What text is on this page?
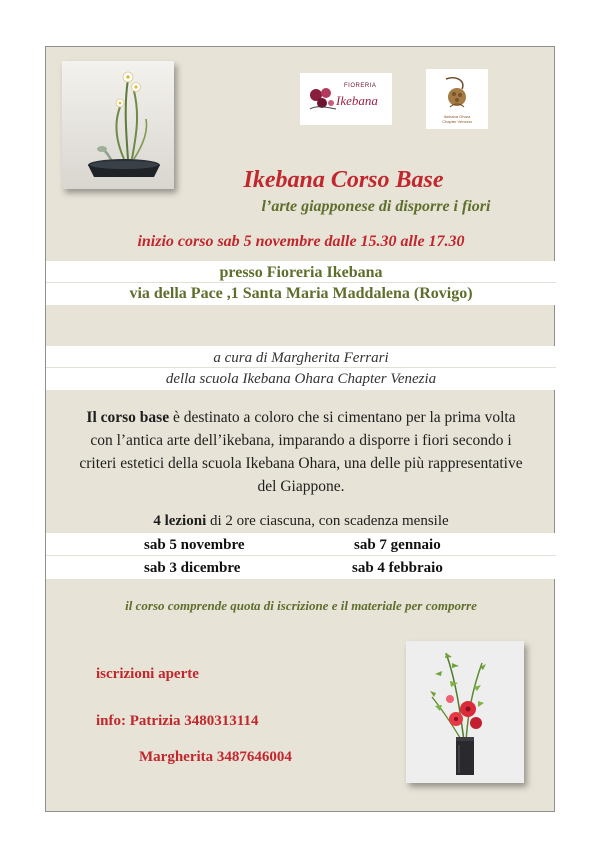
FIORERIA
Ikebana
Ikebana Ohara
Chapter Venezia
Ikebana Corso Base
l’arte giapponese di disporre i fiori
inizio corso sab 5 novembre dalle 15.30 alle 17.30
presso Fioreria Ikebana
via della Pace ,1 Santa Maria Maddalena (Rovigo)
a cura di Margherita Ferrari
della scuola Ikebana Ohara Chapter Venezia
Il corso base è destinato a coloro che si cimentano per la prima volta con l’antica arte dell’ikebana, imparando a disporre i fiori secondo i criteri estetici della scuola Ikebana Ohara, una delle più rappresentative del Giappone.
4 lezioni di 2 ore ciascuna, con scadenza mensile
sab 5 novembre	sab 7 gennaio
sab 3 dicembre	sab 4 febbraio
il corso comprende quota di iscrizione e il materiale per comporre
iscrizioni aperte
info: Patrizia 3480313114
Margherita 3487646004
